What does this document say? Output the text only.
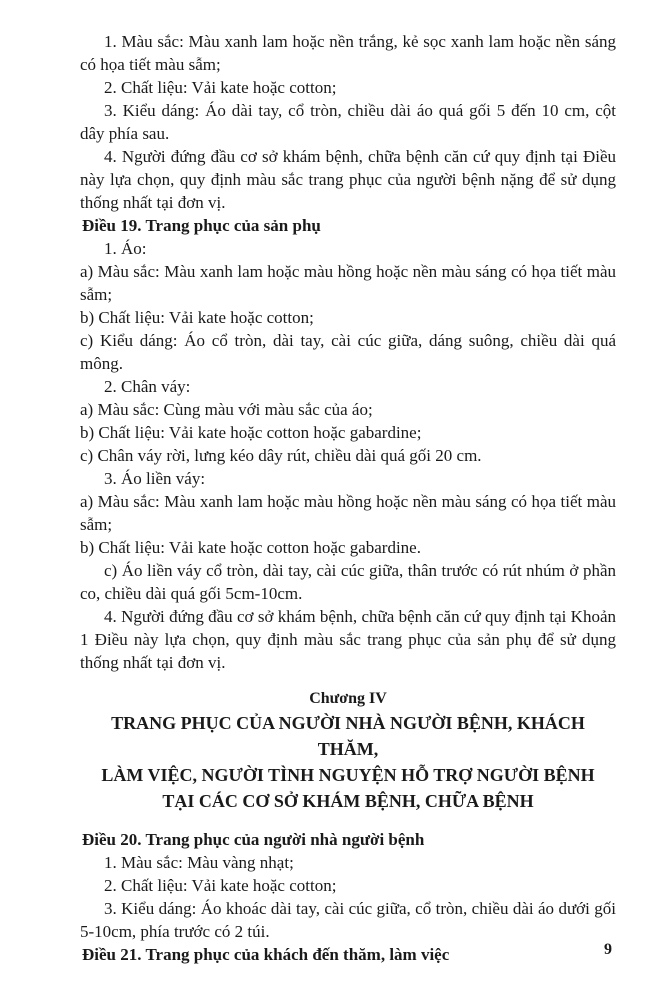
1. Màu sắc: Màu xanh lam hoặc nền trắng, kẻ sọc xanh lam hoặc nền sáng có họa tiết màu sẫm;

2. Chất liệu: Vải kate hoặc cotton;

3. Kiểu dáng: Áo dài tay, cổ tròn, chiều dài áo quá gối 5 đến 10 cm, cột dây phía sau.

4. Người đứng đầu cơ sở khám bệnh, chữa bệnh căn cứ quy định tại Điều này lựa chọn, quy định màu sắc trang phục của người bệnh nặng để sử dụng thống nhất tại đơn vị.

Điều 19. Trang phục của sản phụ

1. Áo:

a) Màu sắc: Màu xanh lam hoặc màu hồng hoặc nền màu sáng có họa tiết màu sẫm;

b) Chất liệu: Vải kate hoặc cotton;

c) Kiểu dáng: Áo cổ tròn, dài tay, cài cúc giữa, dáng suông, chiều dài quá mông.

2. Chân váy:

a) Màu sắc: Cùng màu với màu sắc của áo;

b) Chất liệu: Vải kate hoặc cotton hoặc gabardine;

c) Chân váy rời, lưng kéo dây rút, chiều dài quá gối 20 cm.

3. Áo liền váy:

a) Màu sắc: Màu xanh lam hoặc màu hồng hoặc nền màu sáng có họa tiết màu sẫm;

b) Chất liệu: Vải kate hoặc cotton hoặc gabardine.

c) Áo liền váy cổ tròn, dài tay, cài cúc giữa, thân trước có rút nhúm ở phần co, chiều dài quá gối 5cm-10cm.

4. Người đứng đầu cơ sở khám bệnh, chữa bệnh căn cứ quy định tại Khoản 1 Điều này lựa chọn, quy định màu sắc trang phục của sản phụ để sử dụng thống nhất tại đơn vị.

Chương IV
TRANG PHỤC CỦA NGƯỜI NHÀ NGƯỜI BỆNH, KHÁCH THĂM,
LÀM VIỆC, NGƯỜI TÌNH NGUYỆN HỖ TRỢ NGƯỜI BỆNH
TẠI CÁC CƠ SỞ KHÁM BỆNH, CHỮA BỆNH

Điều 20. Trang phục của người nhà người bệnh

1. Màu sắc: Màu vàng nhạt;

2. Chất liệu: Vải kate hoặc cotton;

3. Kiểu dáng: Áo khoác dài tay, cài cúc giữa, cổ tròn, chiều dài áo dưới gối 5-10cm, phía trước có 2 túi.

Điều 21. Trang phục của khách đến thăm, làm việc	9
